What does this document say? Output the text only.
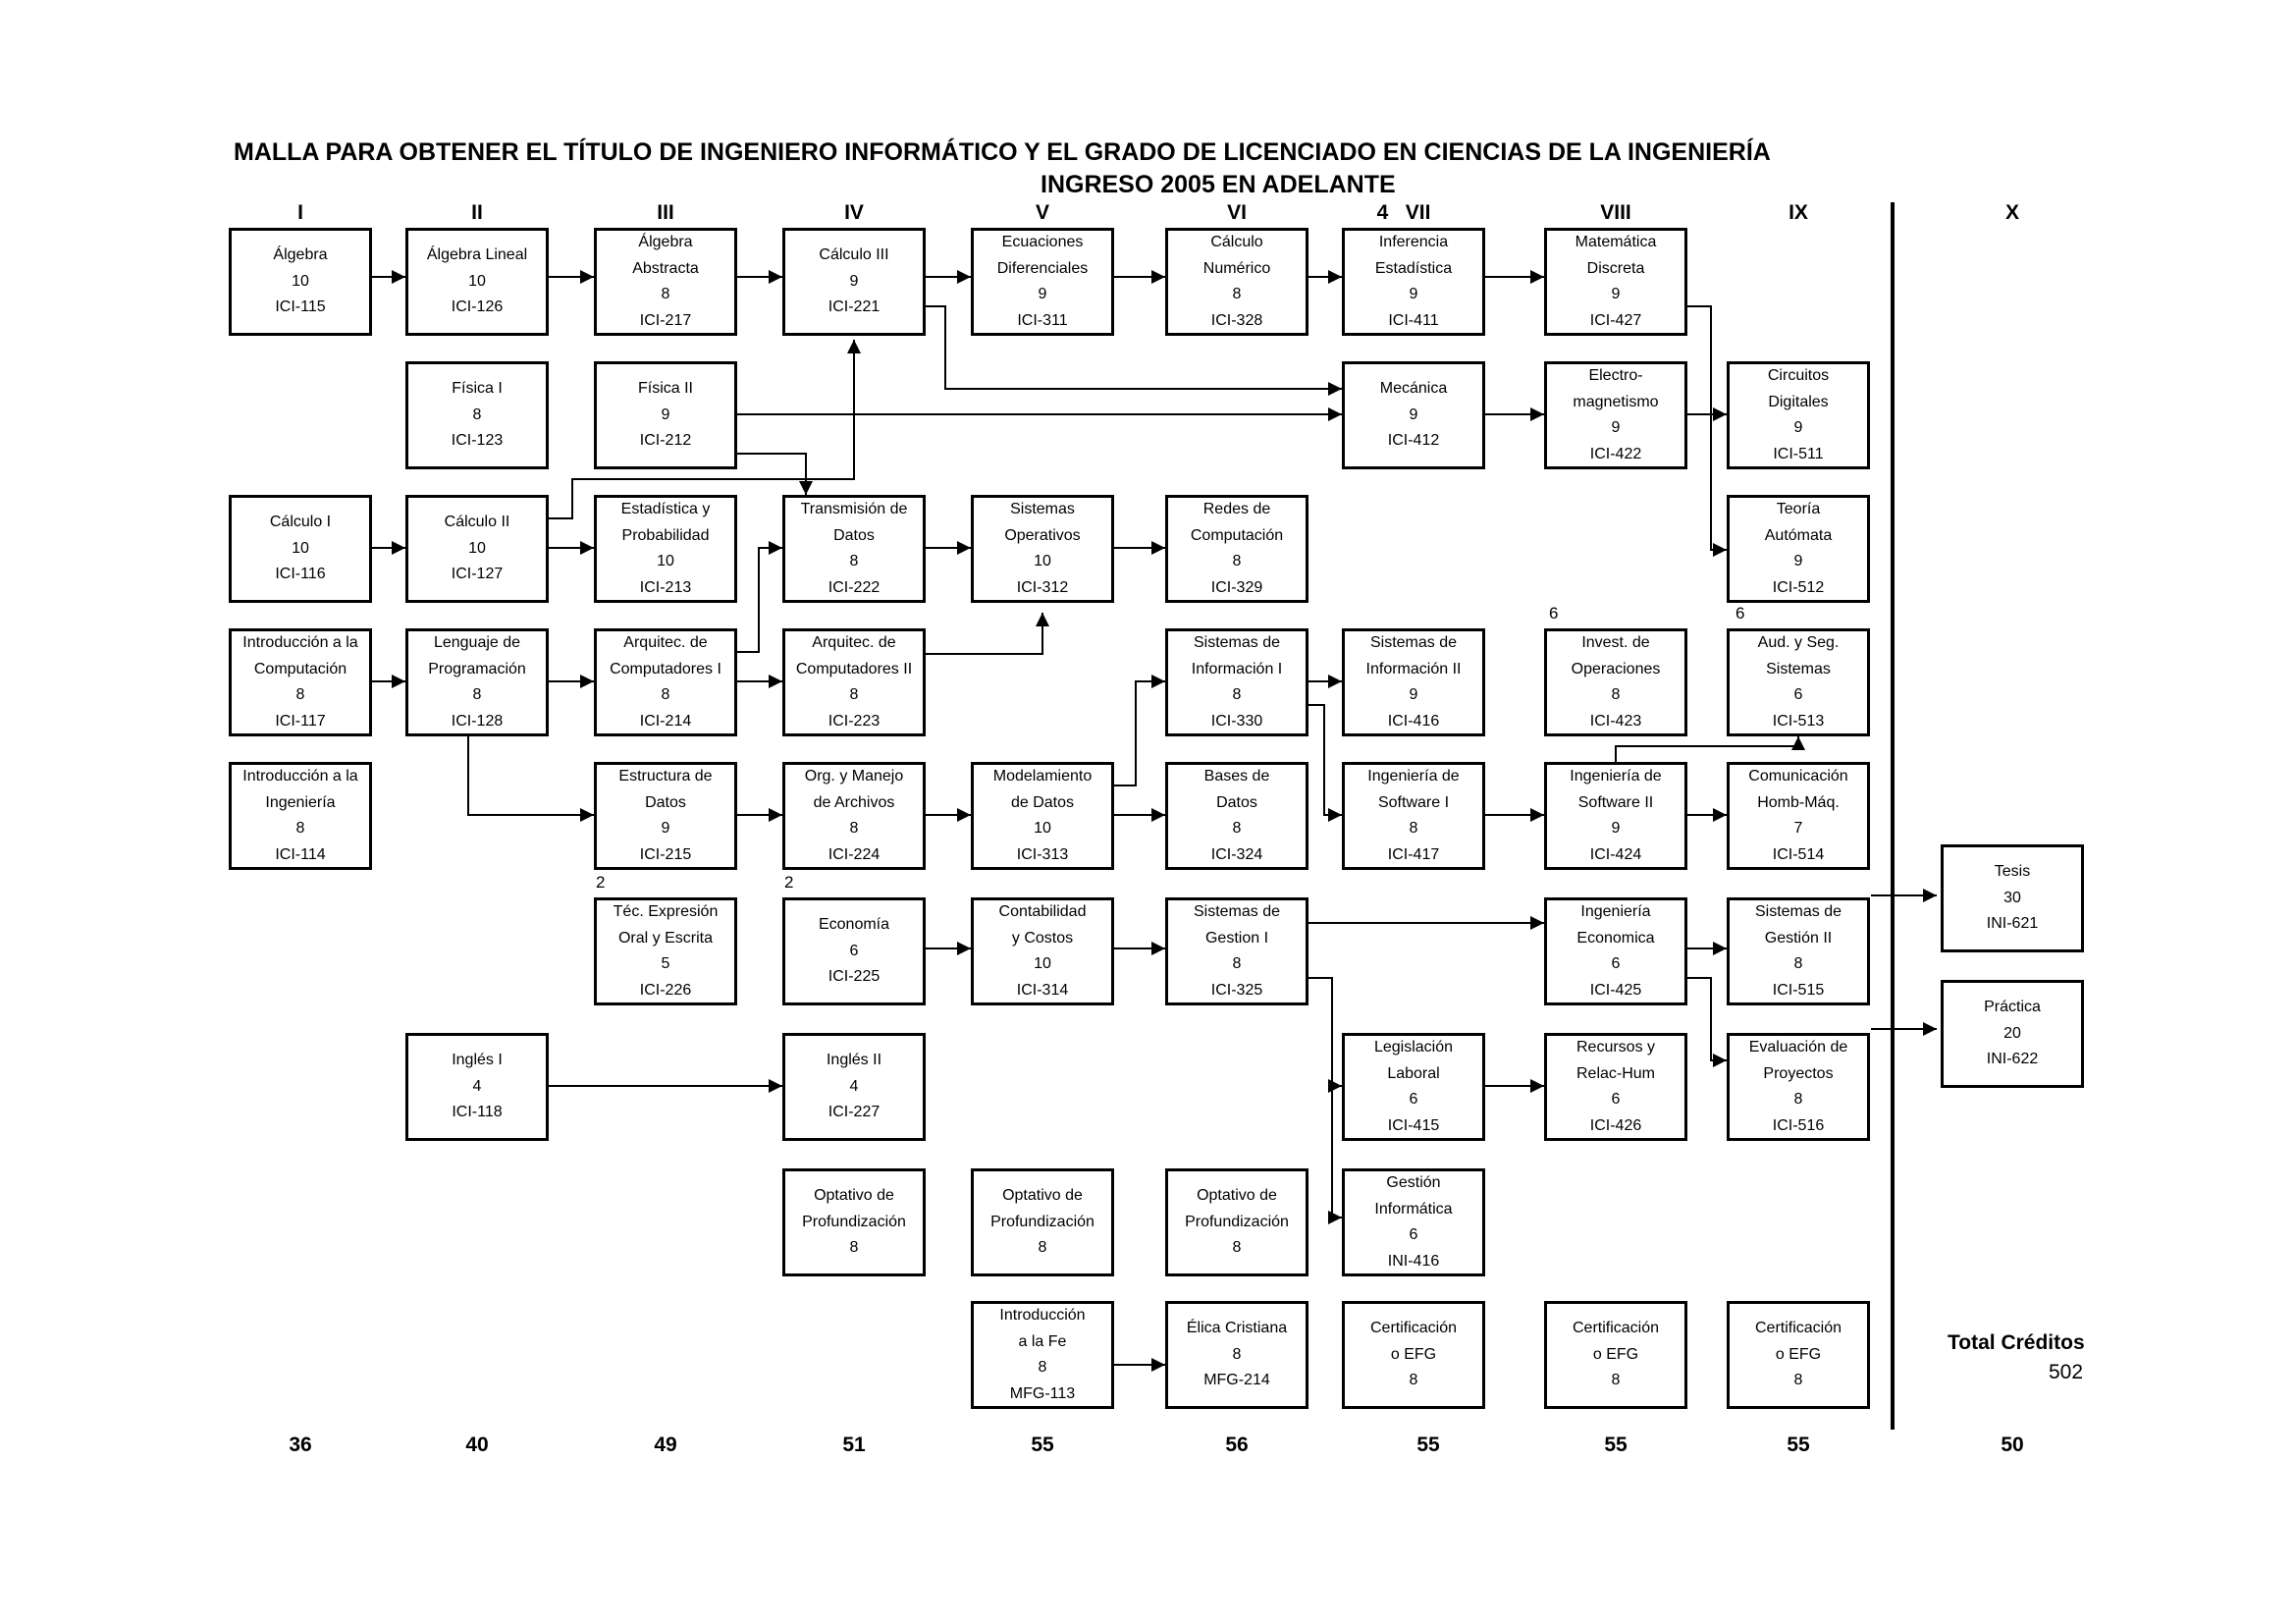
MALLA PARA OBTENER EL TÍTULO DE INGENIERO INFORMÁTICO Y EL GRADO DE LICENCIADO EN CIENCIAS DE LA INGENIERÍA
INGRESO 2005 EN ADELANTE
I	II	III	IV	V	VI	4   VII	VIII	IX	X
36	40	49	51	55	56	55	55	55	50
Álgebra
10
ICI-115
Cálculo I
10
ICI-116
Introducción a la
Computación
8
ICI-117
Introducción a la
Ingeniería
8
ICI-114
Álgebra Lineal
10
ICI-126
Física I
8
ICI-123
Cálculo II
10
ICI-127
Lenguaje de
Programación
8
ICI-128
Inglés I
4
ICI-118
Álgebra
Abstracta
8
ICI-217
Física II
9
ICI-212
Estadística y
Probabilidad
10
ICI-213
Arquitec. de
Computadores I
8
ICI-214
Estructura de
Datos
9
ICI-215
Téc. Expresión
Oral y Escrita
5
ICI-226
Cálculo III
9
ICI-221
Transmisión de
Datos
8
ICI-222
Arquitec. de
Computadores II
8
ICI-223
Org. y Manejo
de Archivos
8
ICI-224
Economía
6
ICI-225
Inglés II
4
ICI-227
Optativo de
Profundización
8
Ecuaciones
Diferenciales
9
ICI-311
Sistemas
Operativos
10
ICI-312
Modelamiento
de Datos
10
ICI-313
Contabilidad
y Costos
10
ICI-314
Optativo de
Profundización
8
Introducción
a la Fe
8
MFG-113
Cálculo
Numérico
8
ICI-328
Redes de
Computación
8
ICI-329
Sistemas de
Información I
8
ICI-330
Bases de
Datos
8
ICI-324
Sistemas de
Gestion I
8
ICI-325
Optativo de
Profundización
8
Élica Cristiana
8
MFG-214
Inferencia
Estadística
9
ICI-411
Mecánica
9
ICI-412
Sistemas de
Información II
9
ICI-416
Ingeniería de
Software I
8
ICI-417
Legislación
Laboral
6
ICI-415
Gestión
Informática
6
INI-416
Certificación
o EFG
8
Matemática
Discreta
9
ICI-427
Electro-
magnetismo
9
ICI-422
Invest. de
Operaciones
8
ICI-423
Ingeniería de
Software II
9
ICI-424
Ingeniería
Economica
6
ICI-425
Recursos y
Relac-Hum
6
ICI-426
Certificación
o EFG
8
Circuitos
Digitales
9
ICI-511
Teoría
Autómata
9
ICI-512
Aud. y Seg.
Sistemas
6
ICI-513
Comunicación
Homb-Máq.
7
ICI-514
Sistemas de
Gestión II
8
ICI-515
Evaluación de
Proyectos
8
ICI-516
Certificación
o EFG
8
Tesis
30
INI-621
Práctica
20
INI-622
2	2
6	6
Total Créditos
502
